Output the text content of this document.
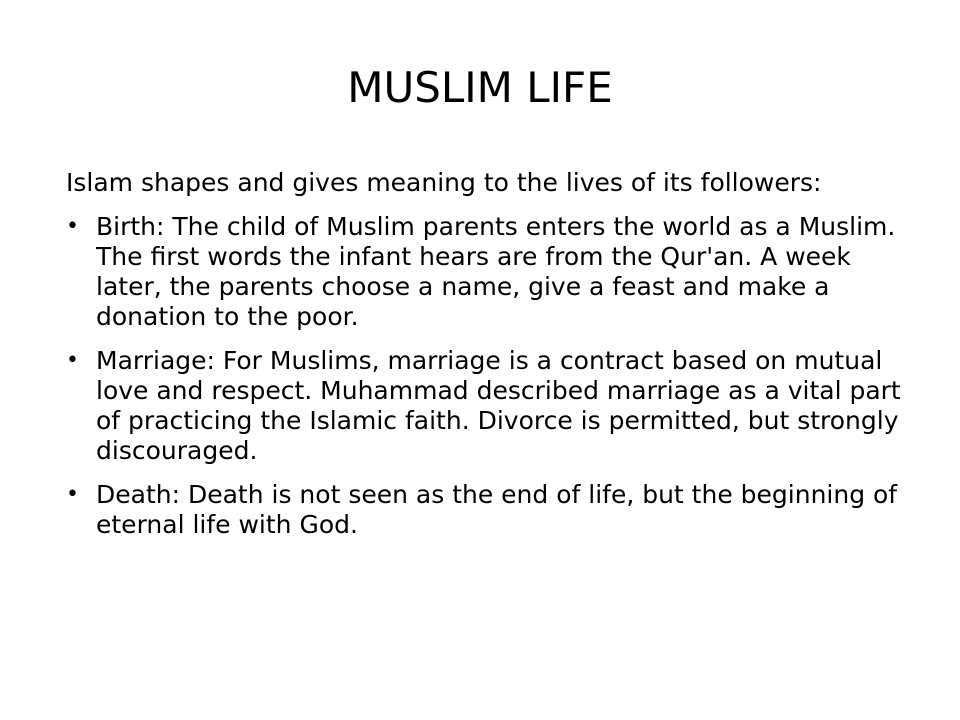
MUSLIM LIFE

Islam shapes and gives meaning to the lives of its followers:

• Birth: The child of Muslim parents enters the world as a Muslim. The first words the infant hears are from the Qur'an. A week later, the parents choose a name, give a feast and make a donation to the poor.
• Marriage: For Muslims, marriage is a contract based on mutual love and respect. Muhammad described marriage as a vital part of practicing the Islamic faith. Divorce is permitted, but strongly discouraged.
• Death: Death is not seen as the end of life, but the beginning of eternal life with God.
